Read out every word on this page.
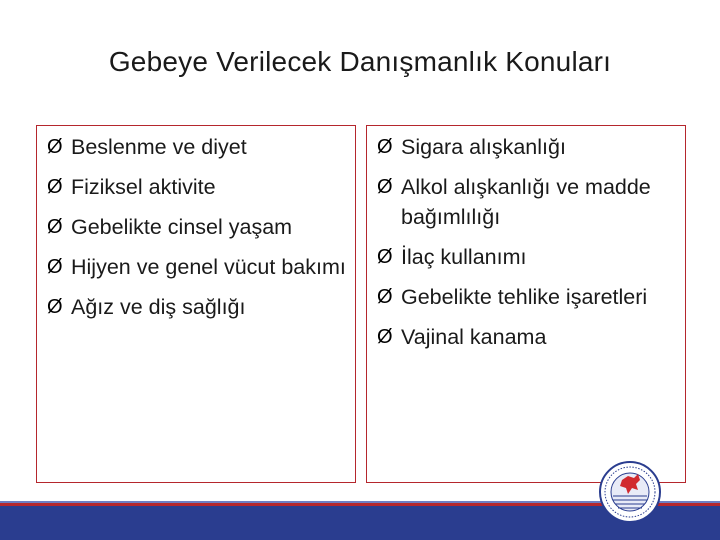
Gebeye Verilecek Danışmanlık Konuları
Ø Beslenme ve diyet
Ø Fiziksel aktivite
Ø Gebelikte cinsel yaşam
Ø Hijyen ve genel vücut bakımı
Ø Ağız ve diş sağlığı
Ø Sigara alışkanlığı
Ø Alkol alışkanlığı ve madde bağımlılığı
Ø İlaç kullanımı
Ø Gebelikte tehlike işaretleri
Ø Vajinal kanama
